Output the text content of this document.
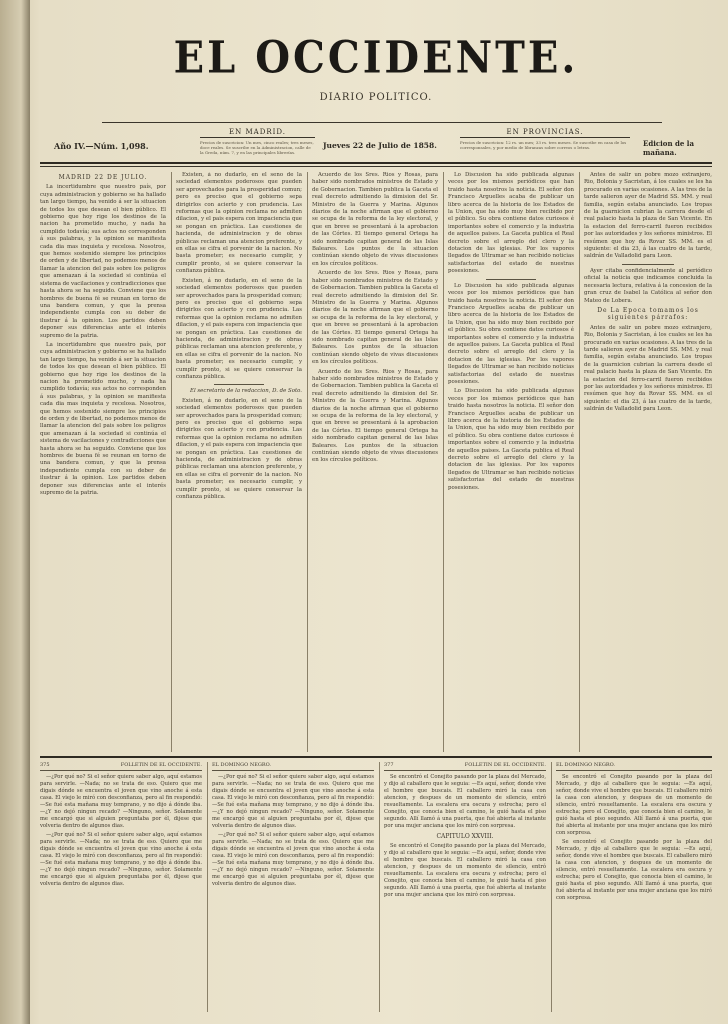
EL OCCIDENTE.
DIARIO POLITICO.
Año IV.—Núm. 1,098.
EN MADRID.
Precios de suscricion: Un mes, cinco reales; tres meses, doce reales. Se suscribe en la Administracion, calle de la Greda, núm. 7, y en las principales librerías.
Jueves 22 de Julio de 1858.
EN PROVINCIAS.
Precios de suscricion: 12 rs. un mes; 33 rs. tres meses. Se suscribe en casa de los corresponsales, y por medio de libranzas sobre correos o letras.	Edicion de la mañana.
MADRID 22 DE JULIO.

La incertidumbre que nuestro país, por cuya administracion y gobierno se ha hallado tan largo tiempo, ha venido á ser la situacion de todos los que desean el bien público. El gobierno que hoy rige los destinos de la nacion ha prometido mucho, y nada ha cumplido todavía; sus actos no corresponden á sus palabras, y la opinion se manifiesta cada dia mas inquieta y recelosa. Nosotros, que hemos sostenido siempre los principios de orden y de libertad, no podemos menos de llamar la atencion del pais sobre los peligros que amenazan á la sociedad si continúa el sistema de vacilaciones y contradicciones que hasta ahora se ha seguido. Conviene que los hombres de buena fé se reunan en torno de una bandera comun, y que la prensa independiente cumpla con su deber de ilustrar á la opinion. Los partidos deben deponer sus diferencias ante el interés supremo de la patria.

La incertidumbre que nuestro país, por cuya administracion y gobierno se ha hallado tan largo tiempo, ha venido á ser la situacion de todos los que desean el bien público. El gobierno que hoy rige los destinos de la nacion ha prometido mucho, y nada ha cumplido todavía; sus actos no corresponden á sus palabras, y la opinion se manifiesta cada dia mas inquieta y recelosa. Nosotros, que hemos sostenido siempre los principios de orden y de libertad, no podemos menos de llamar la atencion del pais sobre los peligros que amenazan á la sociedad si continúa el sistema de vacilaciones y contradicciones que hasta ahora se ha seguido. Conviene que los hombres de buena fé se reunan en torno de una bandera comun, y que la prensa independiente cumpla con su deber de ilustrar á la opinion. Los partidos deben deponer sus diferencias ante el interés supremo de la patria.

Existen, á no dudarlo, en el seno de la sociedad elementos poderosos que pueden ser aprovechados para la prosperidad comun; pero es preciso que el gobierno sepa dirigirlos con acierto y con prudencia. Las reformas que la opinion reclama no admiten dilacion, y el pais espera con impaciencia que se pongan en práctica. Las cuestiones de hacienda, de administracion y de obras públicas reclaman una atencion preferente, y en ellas se cifra el porvenir de la nacion. No basta prometer; es necesario cumplir, y cumplir pronto, si se quiere conservar la confianza pública.

Existen, á no dudarlo, en el seno de la sociedad elementos poderosos que pueden ser aprovechados para la prosperidad comun; pero es preciso que el gobierno sepa dirigirlos con acierto y con prudencia. Las reformas que la opinion reclama no admiten dilacion, y el pais espera con impaciencia que se pongan en práctica. Las cuestiones de hacienda, de administracion y de obras públicas reclaman una atencion preferente, y en ellas se cifra el porvenir de la nacion. No basta prometer; es necesario cumplir, y cumplir pronto, si se quiere conservar la confianza pública.

El secretario de la redaccion, D. de Soto.

Existen, á no dudarlo, en el seno de la sociedad elementos poderosos que pueden ser aprovechados para la prosperidad comun; pero es preciso que el gobierno sepa dirigirlos con acierto y con prudencia. Las reformas que la opinion reclama no admiten dilacion, y el pais espera con impaciencia que se pongan en práctica. Las cuestiones de hacienda, de administracion y de obras públicas reclaman una atencion preferente, y en ellas se cifra el porvenir de la nacion. No basta prometer; es necesario cumplir, y cumplir pronto, si se quiere conservar la confianza pública.

Acuerdo de los Sres. Rios y Rosas, para haber sido nombrados ministros de Estado y de Gobernacion. Tambien publica la Gaceta el real decreto admitiendo la dimision del Sr. Ministro de la Guerra y Marina. Algunos diarios de la noche afirman que el gobierno se ocupa de la reforma de la ley electoral, y que en breve se presentará á la aprobacion de las Córtes. El tiempo general Ortega ha sido nombrado capitan general de las Islas Baleares. Los puntos de la situacion continúan siendo objeto de vivas discusiones en los círculos políticos.

Acuerdo de los Sres. Rios y Rosas, para haber sido nombrados ministros de Estado y de Gobernacion. Tambien publica la Gaceta el real decreto admitiendo la dimision del Sr. Ministro de la Guerra y Marina. Algunos diarios de la noche afirman que el gobierno se ocupa de la reforma de la ley electoral, y que en breve se presentará á la aprobacion de las Córtes. El tiempo general Ortega ha sido nombrado capitan general de las Islas Baleares. Los puntos de la situacion continúan siendo objeto de vivas discusiones en los círculos políticos.

Acuerdo de los Sres. Rios y Rosas, para haber sido nombrados ministros de Estado y de Gobernacion. Tambien publica la Gaceta el real decreto admitiendo la dimision del Sr. Ministro de la Guerra y Marina. Algunos diarios de la noche afirman que el gobierno se ocupa de la reforma de la ley electoral, y que en breve se presentará á la aprobacion de las Córtes. El tiempo general Ortega ha sido nombrado capitan general de las Islas Baleares. Los puntos de la situacion continúan siendo objeto de vivas discusiones en los círculos políticos.

Lo Discusion ha sido publicada algunas veces por los mismos periódicos que han traido hasta nosotros la noticia. El señor don Francisco Arguelles acaba de publicar un libro acerca de la historia de los Estados de la Union, que ha sido muy bien recibido por el público. Su obra contiene datos curiosos é importantes sobre el comercio y la industria de aquellos paises. La Gaceta publica el Real decreto sobre el arreglo del clero y la dotacion de las iglesias. Por los vapores llegados de Ultramar se han recibido noticias satisfactorias del estado de nuestras posesiones.

Lo Discusion ha sido publicada algunas veces por los mismos periódicos que han traido hasta nosotros la noticia. El señor don Francisco Arguelles acaba de publicar un libro acerca de la historia de los Estados de la Union, que ha sido muy bien recibido por el público. Su obra contiene datos curiosos é importantes sobre el comercio y la industria de aquellos paises. La Gaceta publica el Real decreto sobre el arreglo del clero y la dotacion de las iglesias. Por los vapores llegados de Ultramar se han recibido noticias satisfactorias del estado de nuestras posesiones.

Lo Discusion ha sido publicada algunas veces por los mismos periódicos que han traido hasta nosotros la noticia. El señor don Francisco Arguelles acaba de publicar un libro acerca de la historia de los Estados de la Union, que ha sido muy bien recibido por el público. Su obra contiene datos curiosos é importantes sobre el comercio y la industria de aquellos paises. La Gaceta publica el Real decreto sobre el arreglo del clero y la dotacion de las iglesias. Por los vapores llegados de Ultramar se han recibido noticias satisfactorias del estado de nuestras posesiones.

Antes de salir un pobre mozo extranjero, Rio, Bolonia y Sacristan, á los cuales se les ha procurado en varias ocasiones. A las tres de la tarde salieron ayer de Madrid SS. MM. y real familia, según estaba anunciado. Los tropas de la guarnicion cubrian la carrera desde el real palacio hasta la plaza de San Vicente. En la estacion del ferro-carril fueron recibidos por las autoridades y los señores ministros. El resúmen que hoy da Rovar SS. MM. es el siguiente: el dia 23, á las cuatro de la tarde, saldrán de Valladolid para Leon.

Ayer citaba confidencialmente al periódico oficial la noticia que indicamos concluida la necesaria lectura, relativa á la concesion de la gran cruz de Isabel la Católica al señor don Mateo de Lobera.

De La Epoca tomamos los siguientes párrafos:

Antes de salir un pobre mozo extranjero, Rio, Bolonia y Sacristan, á los cuales se les ha procurado en varias ocasiones. A las tres de la tarde salieron ayer de Madrid SS. MM. y real familia, según estaba anunciado. Los tropas de la guarnicion cubrian la carrera desde el real palacio hasta la plaza de San Vicente. En la estacion del ferro-carril fueron recibidos por las autoridades y los señores ministros. El resúmen que hoy da Rovar SS. MM. es el siguiente: el dia 23, á las cuatro de la tarde, saldrán de Valladolid para Leon.

375	FOLLETIN DE EL OCCIDENTE.

—¿Por qué no? Si el señor quiere saber algo, aquí estamos para servirle. —Nada; no se trata de eso. Quiero que me digais dónde se encuentra el joven que vino anoche á esta casa. El viejo le miró con desconfianza, pero al fin respondió: —Se fué esta mañana muy temprano, y no dijo á dónde iba. —¿Y no dejó ningun recado? —Ninguno, señor. Solamente me encargó que si alguien preguntaba por él, dijese que volveria dentro de algunos dias.

—¿Por qué no? Si el señor quiere saber algo, aquí estamos para servirle. —Nada; no se trata de eso. Quiero que me digais dónde se encuentra el joven que vino anoche á esta casa. El viejo le miró con desconfianza, pero al fin respondió: —Se fué esta mañana muy temprano, y no dijo á dónde iba. —¿Y no dejó ningun recado? —Ninguno, señor. Solamente me encargó que si alguien preguntaba por él, dijese que volveria dentro de algunos dias.

EL DOMINGO NEGRO.

—¿Por qué no? Si el señor quiere saber algo, aquí estamos para servirle. —Nada; no se trata de eso. Quiero que me digais dónde se encuentra el joven que vino anoche á esta casa. El viejo le miró con desconfianza, pero al fin respondió: —Se fué esta mañana muy temprano, y no dijo á dónde iba. —¿Y no dejó ningun recado? —Ninguno, señor. Solamente me encargó que si alguien preguntaba por él, dijese que volveria dentro de algunos dias.

—¿Por qué no? Si el señor quiere saber algo, aquí estamos para servirle. —Nada; no se trata de eso. Quiero que me digais dónde se encuentra el joven que vino anoche á esta casa. El viejo le miró con desconfianza, pero al fin respondió: —Se fué esta mañana muy temprano, y no dijo á dónde iba. —¿Y no dejó ningun recado? —Ninguno, señor. Solamente me encargó que si alguien preguntaba por él, dijese que volveria dentro de algunos dias.

377	FOLLETIN DE EL OCCIDENTE.

Se encontró el Conejito pasando por la plaza del Mercado, y dijo al caballero que le seguia: —Es aquí, señor, donde vive el hombre que buscais. El caballero miró la casa con atencion, y despues de un momento de silencio, entró resueltamente. La escalera era oscura y estrecha; pero el Conejito, que conocia bien el camino, le guió hasta el piso segundo. Allí llamó á una puerta, que fué abierta al instante por una mujer anciana que los miró con sorpresa.

CAPITULO XXVIII.

Se encontró el Conejito pasando por la plaza del Mercado, y dijo al caballero que le seguia: —Es aquí, señor, donde vive el hombre que buscais. El caballero miró la casa con atencion, y despues de un momento de silencio, entró resueltamente. La escalera era oscura y estrecha; pero el Conejito, que conocia bien el camino, le guió hasta el piso segundo. Allí llamó á una puerta, que fué abierta al instante por una mujer anciana que los miró con sorpresa.

EL DOMINGO NEGRO.

Se encontró el Conejito pasando por la plaza del Mercado, y dijo al caballero que le seguia: —Es aquí, señor, donde vive el hombre que buscais. El caballero miró la casa con atencion, y despues de un momento de silencio, entró resueltamente. La escalera era oscura y estrecha; pero el Conejito, que conocia bien el camino, le guió hasta el piso segundo. Allí llamó á una puerta, que fué abierta al instante por una mujer anciana que los miró con sorpresa.

Se encontró el Conejito pasando por la plaza del Mercado, y dijo al caballero que le seguia: —Es aquí, señor, donde vive el hombre que buscais. El caballero miró la casa con atencion, y despues de un momento de silencio, entró resueltamente. La escalera era oscura y estrecha; pero el Conejito, que conocia bien el camino, le guió hasta el piso segundo. Allí llamó á una puerta, que fué abierta al instante por una mujer anciana que los miró con sorpresa.
